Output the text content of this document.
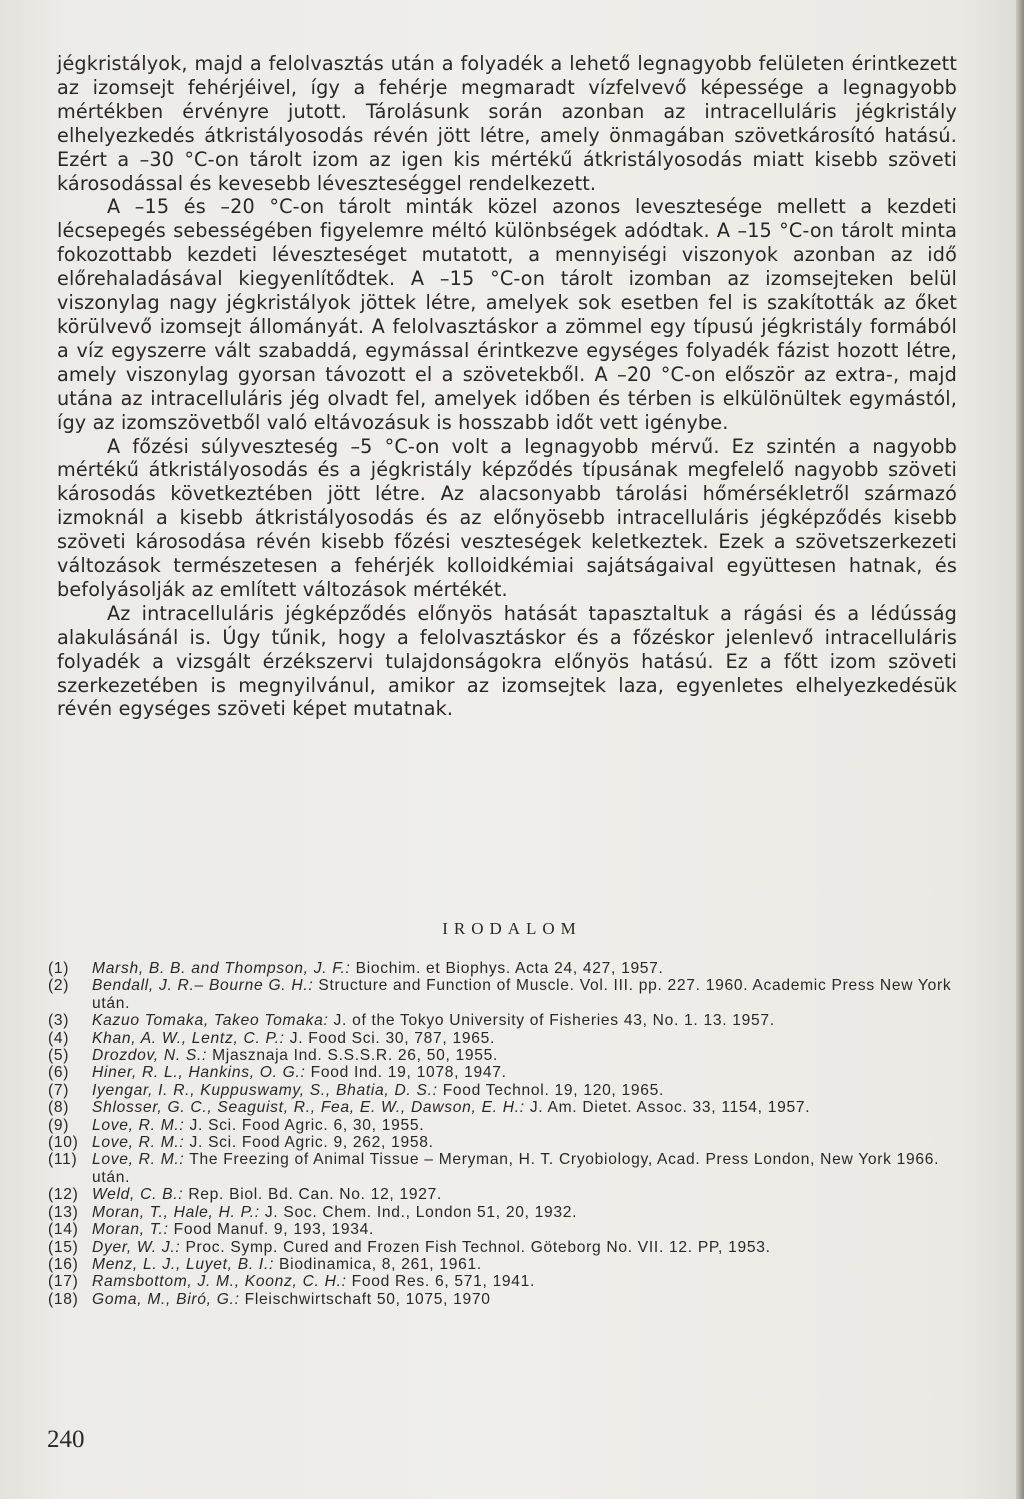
jégkristályok, majd a felolvasztás után a folyadék a lehető legnagyobb felületen érintkezett az izomsejt fehérjéivel, így a fehérje megmaradt vízfelvevő képessége a legnagyobb mértékben érvényre jutott. Tárolásunk során azonban az intracelluláris jégkristály elhelyezkedés átkristályosodás révén jött létre, amely önmagában szövetkárosító hatású. Ezért a –30 °C-on tárolt izom az igen kis mértékű átkristályosodás miatt kisebb szöveti károsodással és kevesebb léveszteséggel rendelkezett.

A –15 és –20 °C-on tárolt minták közel azonos levesztesége mellett a kezdeti lécsepegés sebességében figyelemre méltó különbségek adódtak. A –15 °C-on tárolt minta fokozottabb kezdeti léveszteséget mutatott, a mennyiségi viszonyok azonban az idő előrehaladásával kiegyenlítődtek. A –15 °C-on tárolt izomban az izomsejteken belül viszonylag nagy jégkristályok jöttek létre, amelyek sok esetben fel is szakították az őket körülvevő izomsejt állományát. A felolvasztáskor a zömmel egy típusú jégkristály formából a víz egyszerre vált szabaddá, egymással érintkezve egységes folyadék fázist hozott létre, amely viszonylag gyorsan távozott el a szövetekből. A –20 °C-on először az extra-, majd utána az intracelluláris jég olvadt fel, amelyek időben és térben is elkülönültek egymástól, így az izomszövetből való eltávozásuk is hosszabb időt vett igénybe.

A főzési súlyveszteség –5 °C-on volt a legnagyobb mérvű. Ez szintén a nagyobb mértékű átkristályosodás és a jégkristály képződés típusának megfelelő nagyobb szöveti károsodás következtében jött létre. Az alacsonyabb tárolási hőmérsékletről származó izmoknál a kisebb átkristályosodás és az előnyösebb intracelluláris jégképződés kisebb szöveti károsodása révén kisebb főzési veszteségek keletkeztek. Ezek a szövetszerkezeti változások természetesen a fehérjék kolloidkémiai sajátságaival együttesen hatnak, és befolyásolják az említett változások mértékét.

Az intracelluláris jégképződés előnyös hatását tapasztaltuk a rágási és a lédússág alakulásánál is. Úgy tűnik, hogy a felolvasztáskor és a főzéskor jelenlevő intracelluláris folyadék a vizsgált érzékszervi tulajdonságokra előnyös hatású. Ez a főtt izom szöveti szerkezetében is megnyilvánul, amikor az izomsejtek laza, egyenletes elhelyezkedésük révén egységes szöveti képet mutatnak.

IRODALOM
(1)	Marsh, B. B. and Thompson, J. F.: Biochim. et Biophys. Acta 24, 427, 1957.
(2)	Bendall, J. R.– Bourne G. H.: Structure and Function of Muscle. Vol. III. pp. 227. 1960. Academic Press New York után.
(3)	Kazuo Tomaka, Takeo Tomaka: J. of the Tokyo University of Fisheries 43, No. 1. 13. 1957.
(4)	Khan, A. W., Lentz, C. P.: J. Food Sci. 30, 787, 1965.
(5)	Drozdov, N. S.: Mjasznaja Ind. S.S.S.R. 26, 50, 1955.
(6)	Hiner, R. L., Hankins, O. G.: Food Ind. 19, 1078, 1947.
(7)	Iyengar, I. R., Kuppuswamy, S., Bhatia, D. S.: Food Technol. 19, 120, 1965.
(8)	Shlosser, G. C., Seaguist, R., Fea, E. W., Dawson, E. H.: J. Am. Dietet. Assoc. 33, 1154, 1957.
(9)	Love, R. M.: J. Sci. Food Agric. 6, 30, 1955.
(10) Love, R. M.: J. Sci. Food Agric. 9, 262, 1958.
(11) Love, R. M.: The Freezing of Animal Tissue – Meryman, H. T. Cryobiology, Acad. Press London, New York 1966. után.
(12) Weld, C. B.: Rep. Biol. Bd. Can. No. 12, 1927.
(13) Moran, T., Hale, H. P.: J. Soc. Chem. Ind., London 51, 20, 1932.
(14) Moran, T.: Food Manuf. 9, 193, 1934.
(15) Dyer, W. J.: Proc. Symp. Cured and Frozen Fish Technol. Göteborg No. VII. 12. PP, 1953.
(16) Menz, L. J., Luyet, B. I.: Biodinamica, 8, 261, 1961.
(17) Ramsbottom, J. M., Koonz, C. H.: Food Res. 6, 571, 1941.
(18) Goma, M., Biró, G.: Fleischwirtschaft 50, 1075, 1970
240
